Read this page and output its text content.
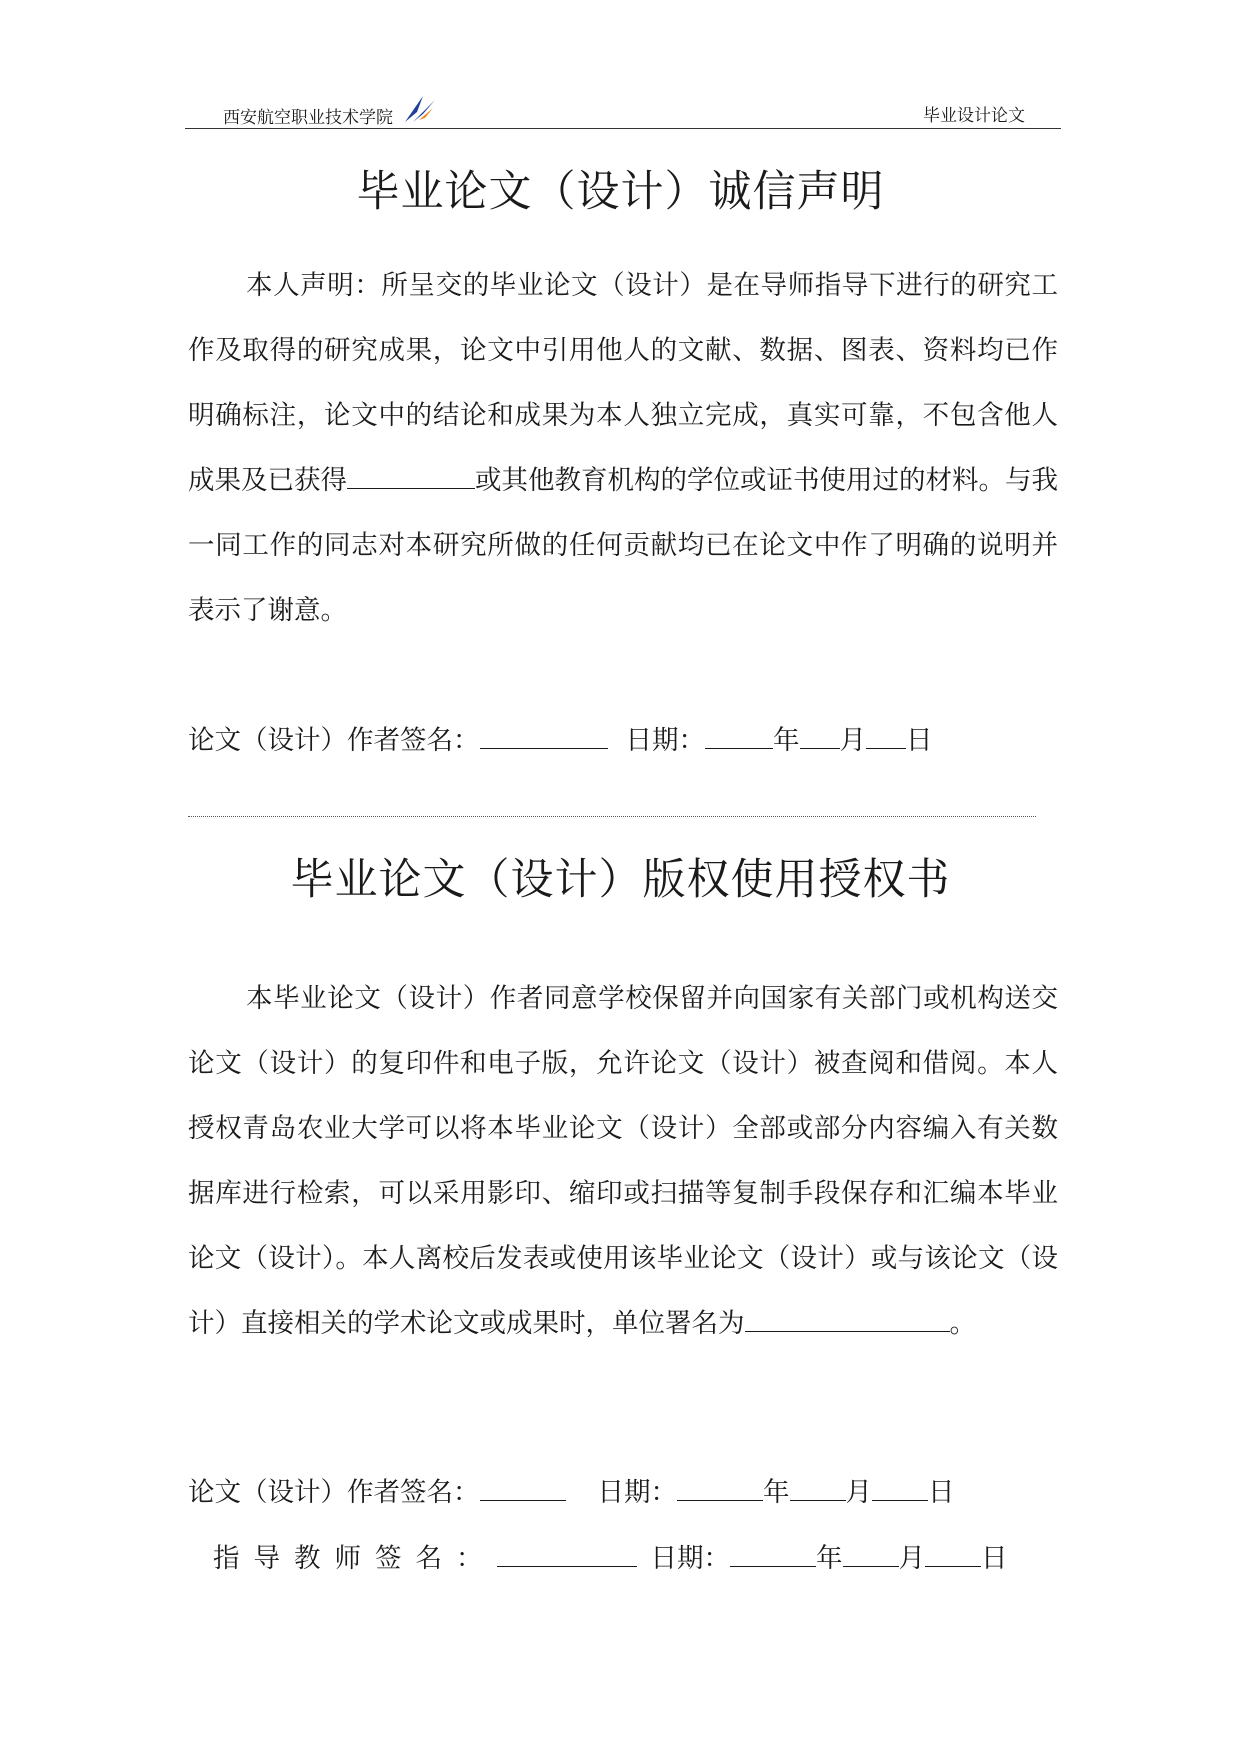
西安航空职业技术学院	毕业设计论文
毕业论文（设计）诚信声明

本人声明：所呈交的毕业论文（设计）是在导师指导下进行的研究工作及取得的研究成果，论文中引用他人的文献、数据、图表、资料均已作明确标注，论文中的结论和成果为本人独立完成，真实可靠，不包含他人成果及已获得	或其他教育机构的学位或证书使用过的材料。与我一同工作的同志对本研究所做的任何贡献均已在论文中作了明确的说明并表示了谢意。

论文（设计）作者签名：	日期：	年 月 日
毕业论文（设计）版权使用授权书

本毕业论文（设计）作者同意学校保留并向国家有关部门或机构送交论文（设计）的复印件和电子版，允许论文（设计）被查阅和借阅。本人授权青岛农业大学可以将本毕业论文（设计）全部或部分内容编入有关数据库进行检索，可以采用影印、缩印或扫描等复制手段保存和汇编本毕业论文（设计）。本人离校后发表或使用该毕业论文（设计）或与该论文（设计）直接相关的学术论文或成果时，单位署名为	。

论文（设计）作者签名：	日期：	年 月 日
指导教师签名：	日期：	年 月 日
